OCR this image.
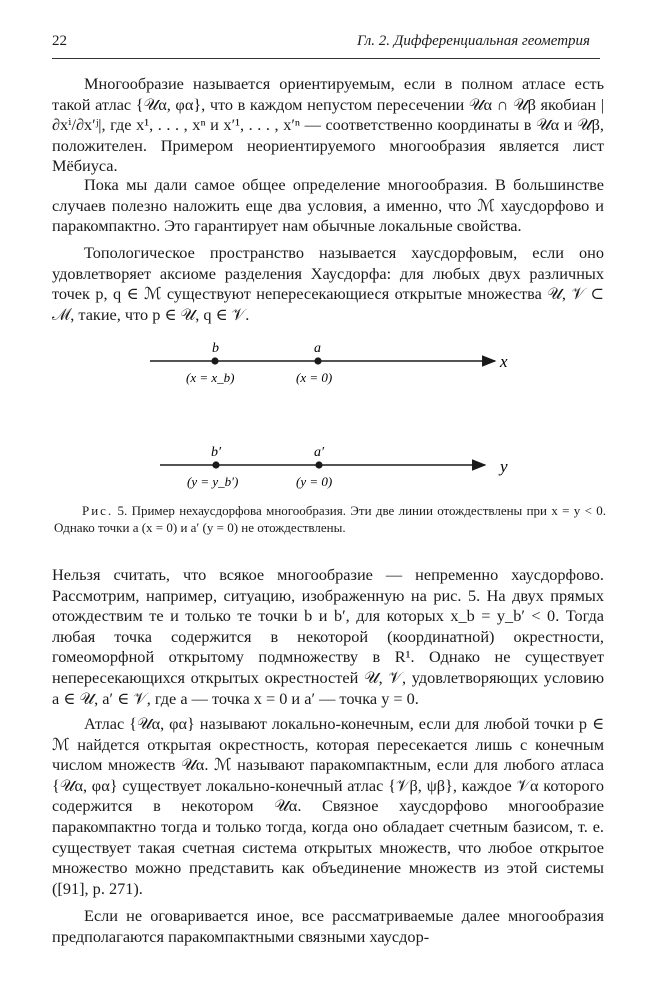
22	Гл. 2. Дифференциальная геометрия

Многообразие называется ориентируемым, если в полном атласе есть такой атлас {𝒰α, φα}, что в каждом непустом пересечении 𝒰α ∩ 𝒰β якобиан |∂xⁱ/∂x′ʲ|, где x¹, . . . , xⁿ и x′¹, . . . , x′ⁿ — соответственно координаты в 𝒰α и 𝒰β, положителен. Примером неориентируемого многообразия является лист Мёбиуса.

Пока мы дали самое общее определение многообразия. В большинстве случаев полезно наложить еще два условия, а именно, что ℳ хаусдорфово и паракомпактно. Это гарантирует нам обычные локальные свойства.

Топологическое пространство называется хаусдорфовым, если оно удовлетворяет аксиоме разделения Хаусдорфа: для любых двух различных точек p, q ∈ ℳ существуют непересекающиеся открытые множества 𝒰, 𝒱 ⊂ ℳ, такие, что p ∈ 𝒰, q ∈ 𝒱.

b	a
x
(x = x_b)	(x = 0)
b′	a′
y
(y = y_b′)	(y = 0)

Рис. 5. Пример нехаусдорфова многообразия. Эти две линии отождествлены при x = y < 0. Однако точки a (x = 0) и a′ (y = 0) не отождествлены.

Нельзя считать, что всякое многообразие — непременно хаусдорфово. Рассмотрим, например, ситуацию, изображенную на рис. 5. На двух прямых отождествим те и только те точки b и b′, для которых x_b = y_b′ < 0. Тогда любая точка содержится в некоторой (координатной) окрестности, гомеоморфной открытому подмножеству в R¹. Однако не существует непересекающихся открытых окрестностей 𝒰, 𝒱, удовлетворяющих условию a ∈ 𝒰, a′ ∈ 𝒱, где a — точка x = 0 и a′ — точка y = 0.

Атлас {𝒰α, φα} называют локально-конечным, если для любой точки p ∈ ℳ найдется открытая окрестность, которая пересекается лишь с конечным числом множеств 𝒰α. ℳ называют паракомпактным, если для любого атласа {𝒰α, φα} существует локально-конечный атлас {𝒱β, ψβ}, каждое 𝒱α которого содержится в некотором 𝒰α. Связное хаусдорфово многообразие паракомпактно тогда и только тогда, когда оно обладает счетным базисом, т. е. существует такая счетная система открытых множеств, что любое открытое множество можно представить как объединение множеств из этой системы ([91], р. 271).

Если не оговаривается иное, все рассматриваемые далее многообразия предполагаются паракомпактными связными хаусдор-
